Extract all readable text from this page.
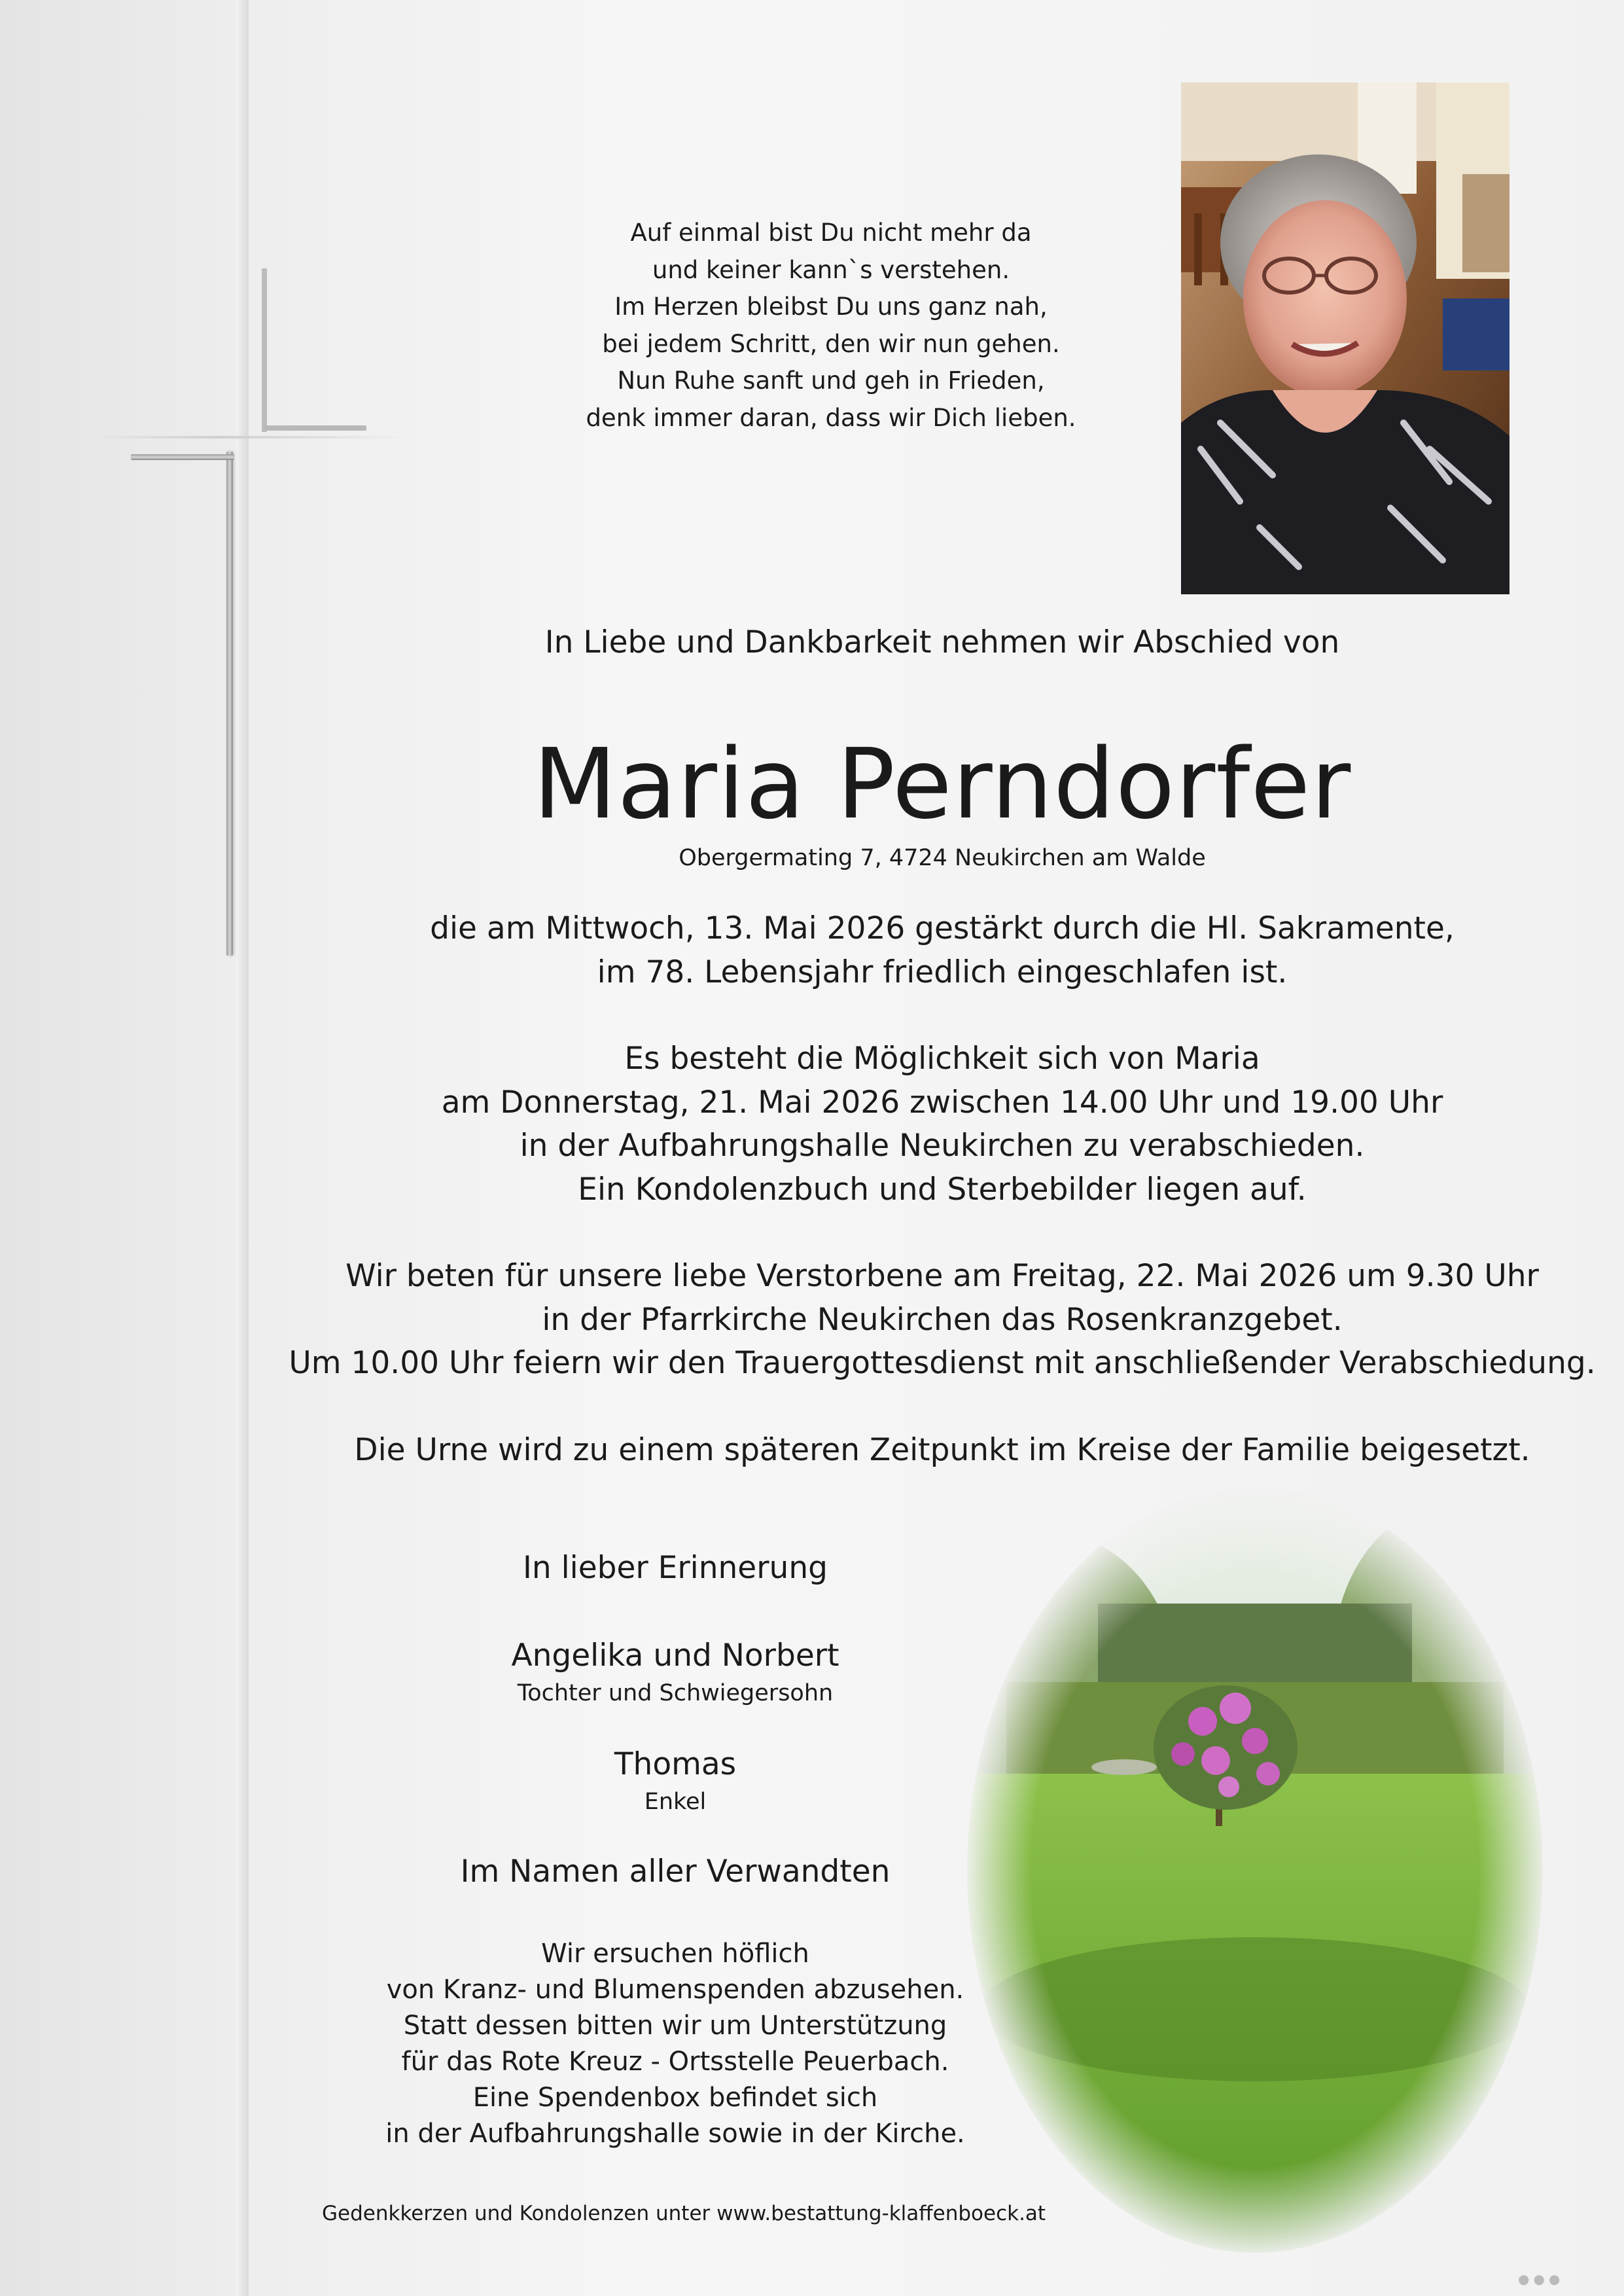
Auf einmal bist Du nicht mehr da
und keiner kann`s verstehen.
Im Herzen bleibst Du uns ganz nah,
bei jedem Schritt, den wir nun gehen.
Nun Ruhe sanft und geh in Frieden,
denk immer daran, dass wir Dich lieben.
In Liebe und Dankbarkeit nehmen wir Abschied von
Maria Perndorfer
Obergermating 7, 4724 Neukirchen am Walde

die am Mittwoch, 13. Mai 2026 gestärkt durch die Hl. Sakramente,

im 78. Lebensjahr friedlich eingeschlafen ist.

Es besteht die Möglichkeit sich von Maria

am Donnerstag, 21. Mai 2026 zwischen 14.00 Uhr und 19.00 Uhr

in der Aufbahrungshalle Neukirchen zu verabschieden.

Ein Kondolenzbuch und Sterbebilder liegen auf.

Wir beten für unsere liebe Verstorbene am Freitag, 22. Mai 2026 um 9.30 Uhr

in der Pfarrkirche Neukirchen das Rosenkranzgebet.

Um 10.00 Uhr feiern wir den Trauergottesdienst mit anschließender Verabschiedung.

Die Urne wird zu einem späteren Zeitpunkt im Kreise der Familie beigesetzt.

In lieber Erinnerung
Angelika und Norbert
Tochter und Schwiegersohn
Thomas
Enkel
Im Namen aller Verwandten
Wir ersuchen höflich
von Kranz- und Blumenspenden abzusehen.
Statt dessen bitten wir um Unterstützung
für das Rote Kreuz - Ortsstelle Peuerbach.
Eine Spendenbox befindet sich
in der Aufbahrungshalle sowie in der Kirche.
Gedenkkerzen und Kondolenzen unter www.bestattung-klaffenboeck.at
●●●
